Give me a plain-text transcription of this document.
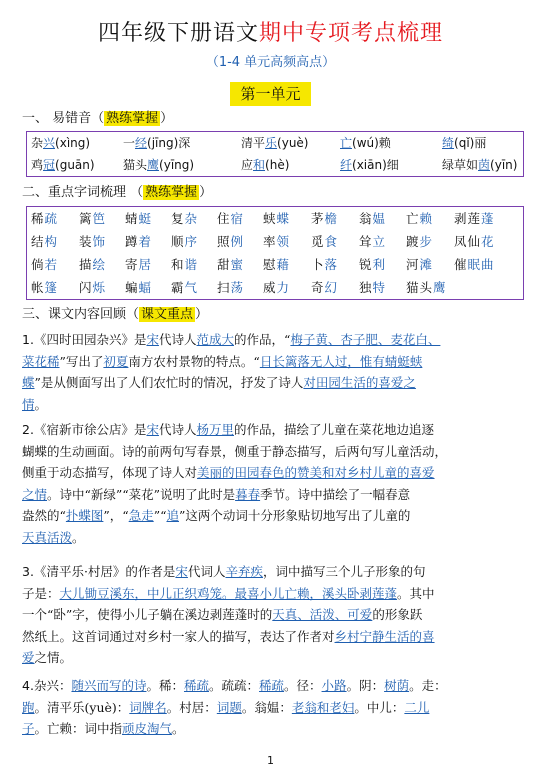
四年级下册语文期中专项考点梳理
（1-4 单元高频高点）
第一单元
一、 易错音（ 熟练掌握 ）
杂兴(xìng)	一经(jīng)深	清平乐(yuè)	亡(wú)赖	绮(qǐ)丽
鸡冠(guān) 猫头鹰(yīng)	应和(hè)	纤(xiān)细	绿草如茵(yīn)
二、重点字词梳理 （ 熟练掌握 ）
稀疏 篱笆 蜻蜓 复杂 住宿 蛱蝶 茅檐 翁媪 亡赖 剥莲蓬
结构 装饰 蹲着 顺序 照例 率领 觅食 耸立 踱步 凤仙花
倘若 描绘 寄居 和谐 甜蜜 慰藉 卜落 锐利 河滩 催眠曲
帐篷 闪烁 蝙蝠 霸气 扫荡 威力 奇幻 独特 猫头鹰
三、课文内容回顾（ 课文重点 ）
1.《四时田园杂兴》是宋代诗人范成大的作品，“梅子黄、杏子肥、麦花白、
菜花稀”写出了初夏南方农村景物的特点。“日长篱落无人过，惟有蜻蜓蛱
蝶”是从侧面写出了人们农忙时的情况，抒发了诗人对田园生活的喜爱之
情。
2.《宿新市徐公店》是宋代诗人杨万里的作品，描绘了儿童在菜花地边追逐
蝴蝶的生动画面。诗的前两句写春景，侧重于静态描写，后两句写儿童活动，
侧重于动态描写，体现了诗人对美丽的田园春色的赞美和对乡村儿童的喜爱
之情。诗中“新绿”“菜花”说明了此时是暮春季节。诗中描绘了一幅春意
盎然的“扑蝶图”，“急走”“追”这两个动词十分形象贴切地写出了儿童的
天真活泼。
3.《清平乐·村居》的作者是宋代词人辛弃疾，词中描写三个儿子形象的句
子是：大儿锄豆溪东，中儿正织鸡笼。最喜小儿亡赖，溪头卧剥莲蓬。其中
一个“卧”字，使得小儿子躺在溪边剥莲蓬时的天真、活泼、可爱的形象跃
然纸上。这首词通过对乡村一家人的描写，表达了作者对乡村宁静生活的喜
爱之情。
4.杂兴：随兴而写的诗。稀：稀疏。疏疏：稀疏。径：小路。阴：树荫。走：
跑。清平乐(yuè)：词牌名。村居：词题。翁媪：老翁和老妇。中儿：二儿
子。亡赖：词中指顽皮淘气。
1
